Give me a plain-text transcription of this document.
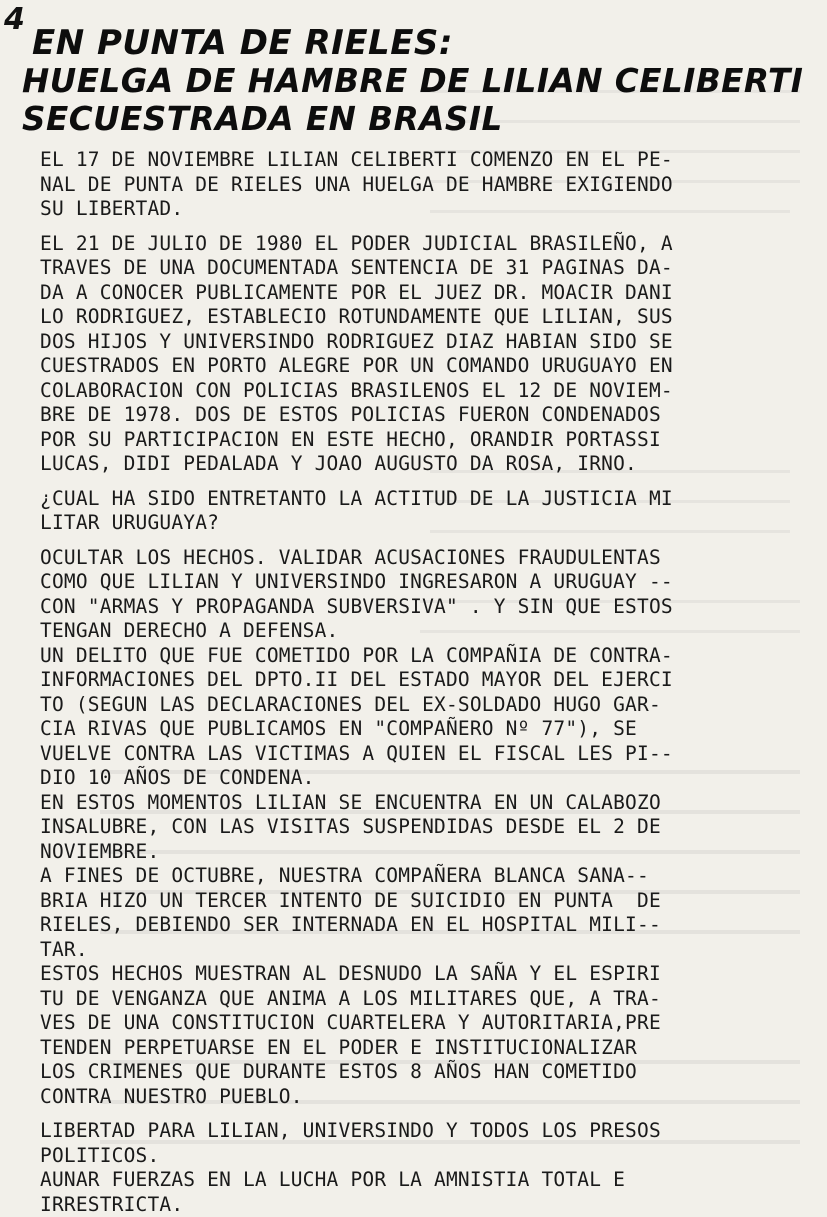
4
EN PUNTA DE RIELES:
HUELGA DE HAMBRE DE LILIAN CELIBERTI
SECUESTRADA EN BRASIL
EL 17 DE NOVIEMBRE LILIAN CELIBERTI COMENZO EN EL PE-
NAL DE PUNTA DE RIELES UNA HUELGA DE HAMBRE EXIGIENDO
SU LIBERTAD.
EL 21 DE JULIO DE 1980 EL PODER JUDICIAL BRASILEÑO, A
TRAVES DE UNA DOCUMENTADA SENTENCIA DE 31 PAGINAS DA-
DA A CONOCER PUBLICAMENTE POR EL JUEZ DR. MOACIR DANI
LO RODRIGUEZ, ESTABLECIO ROTUNDAMENTE QUE LILIAN, SUS
DOS HIJOS Y UNIVERSINDO RODRIGUEZ DIAZ HABIAN SIDO SE
CUESTRADOS EN PORTO ALEGRE POR UN COMANDO URUGUAYO EN
COLABORACION CON POLICIAS BRASILENOS EL 12 DE NOVIEM-
BRE DE 1978. DOS DE ESTOS POLICIAS FUERON CONDENADOS
POR SU PARTICIPACION EN ESTE HECHO, ORANDIR PORTASSI
LUCAS, DIDI PEDALADA Y JOAO AUGUSTO DA ROSA, IRNO.
¿CUAL HA SIDO ENTRETANTO LA ACTITUD DE LA JUSTICIA MI
LITAR URUGUAYA?
OCULTAR LOS HECHOS. VALIDAR ACUSACIONES FRAUDULENTAS
COMO QUE LILIAN Y UNIVERSINDO INGRESARON A URUGUAY --
CON "ARMAS Y PROPAGANDA SUBVERSIVA" . Y SIN QUE ESTOS
TENGAN DERECHO A DEFENSA.
UN DELITO QUE FUE COMETIDO POR LA COMPAÑIA DE CONTRA-
INFORMACIONES DEL DPTO.II DEL ESTADO MAYOR DEL EJERCI
TO (SEGUN LAS DECLARACIONES DEL EX-SOLDADO HUGO GAR-
CIA RIVAS QUE PUBLICAMOS EN "COMPAÑERO Nº 77"), SE
VUELVE CONTRA LAS VICTIMAS A QUIEN EL FISCAL LES PI--
DIO 10 AÑOS DE CONDENA.
EN ESTOS MOMENTOS LILIAN SE ENCUENTRA EN UN CALABOZO
INSALUBRE, CON LAS VISITAS SUSPENDIDAS DESDE EL 2 DE
NOVIEMBRE.
A FINES DE OCTUBRE, NUESTRA COMPAÑERA BLANCA SANA--
BRIA HIZO UN TERCER INTENTO DE SUICIDIO EN PUNTA  DE
RIELES, DEBIENDO SER INTERNADA EN EL HOSPITAL MILI--
TAR.
ESTOS HECHOS MUESTRAN AL DESNUDO LA SAÑA Y EL ESPIRI
TU DE VENGANZA QUE ANIMA A LOS MILITARES QUE, A TRA-
VES DE UNA CONSTITUCION CUARTELERA Y AUTORITARIA,PRE
TENDEN PERPETUARSE EN EL PODER E INSTITUCIONALIZAR
LOS CRIMENES QUE DURANTE ESTOS 8 AÑOS HAN COMETIDO
CONTRA NUESTRO PUEBLO.
LIBERTAD PARA LILIAN, UNIVERSINDO Y TODOS LOS PRESOS
POLITICOS.
AUNAR FUERZAS EN LA LUCHA POR LA AMNISTIA TOTAL E
IRRESTRICTA.
